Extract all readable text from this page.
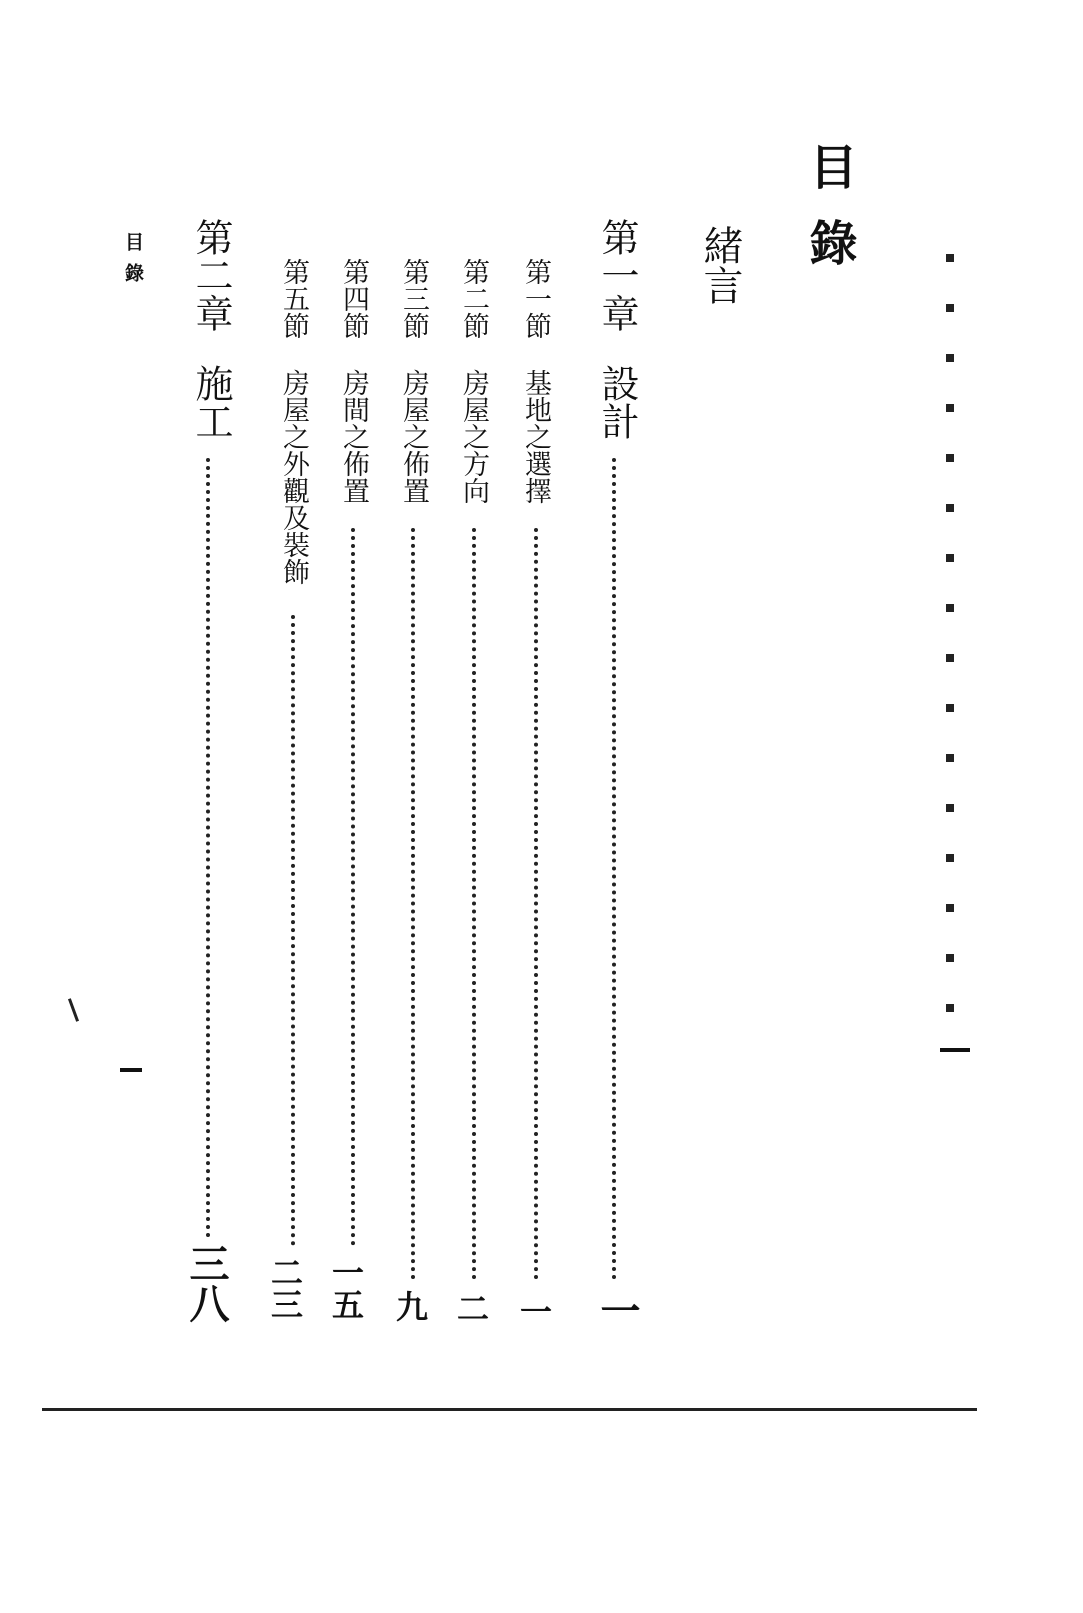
目錄
緒言
第一章設計
一
第一節基地之選擇
一
第二節房屋之方向
二
第三節房屋之佈置
九
第四節房間之佈置
一五
第五節房屋之外觀及裝飾
二三
第二章施工
三八
目錄
